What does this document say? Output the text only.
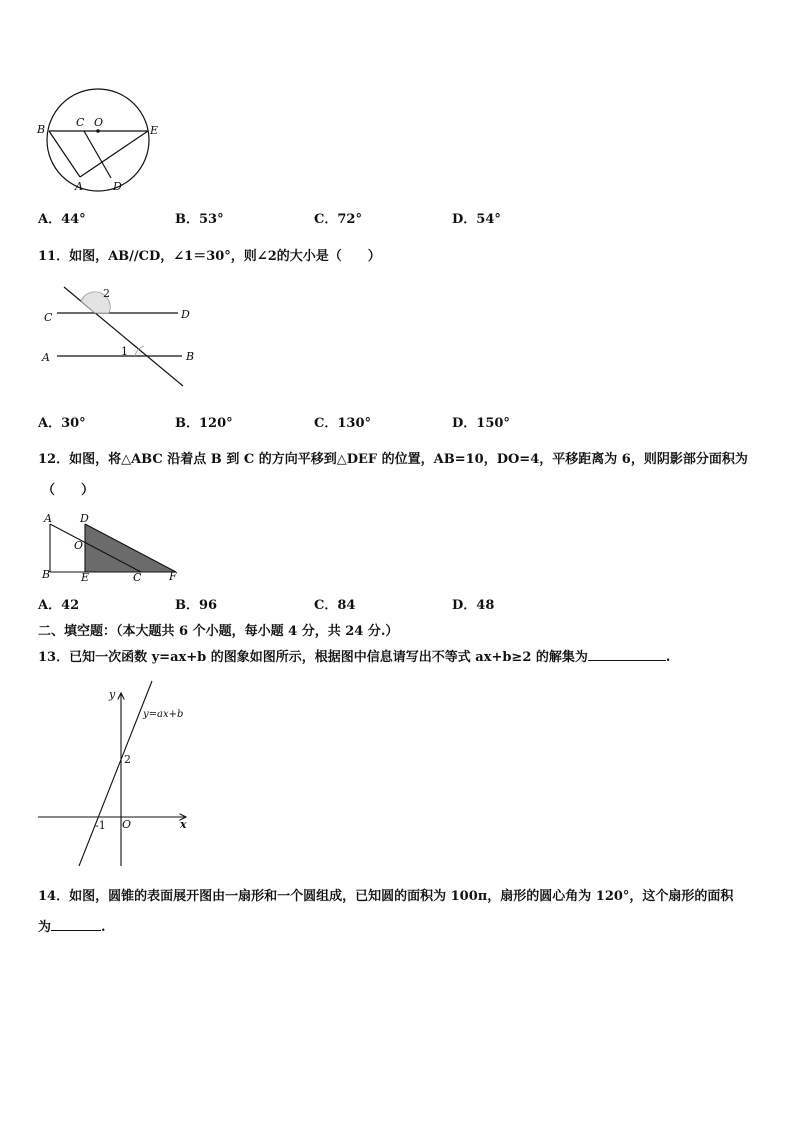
B
C O
E
A	D
A．44°	B．53°	C．72°	D．54°
11．如图，AB//CD，∠1＝30°，则∠2的大小是（　　）
C	D
A	B
2
1
A．30°	B．120°	C．130°	D．150°
12．如图，将△ABC 沿着点 B 到 C 的方向平移到△DEF 的位置，AB=10，DO=4，平移距离为 6，则阴影部分面积为
（　　）
A	D
O
B	E	C	F
A．42	B．96	C．84	D．48
二、填空题：（本大题共 6 个小题，每小题 4 分，共 24 分.）
13．已知一次函数 y=ax+b 的图象如图所示，根据图中信息请写出不等式 ax+b≥2 的解集为	.
y
x
O
y=ax+b
2
-1
14．如图，圆锥的表面展开图由一扇形和一个圆组成，已知圆的面积为 100π，扇形的圆心角为 120°，这个扇形的面积
为	.
